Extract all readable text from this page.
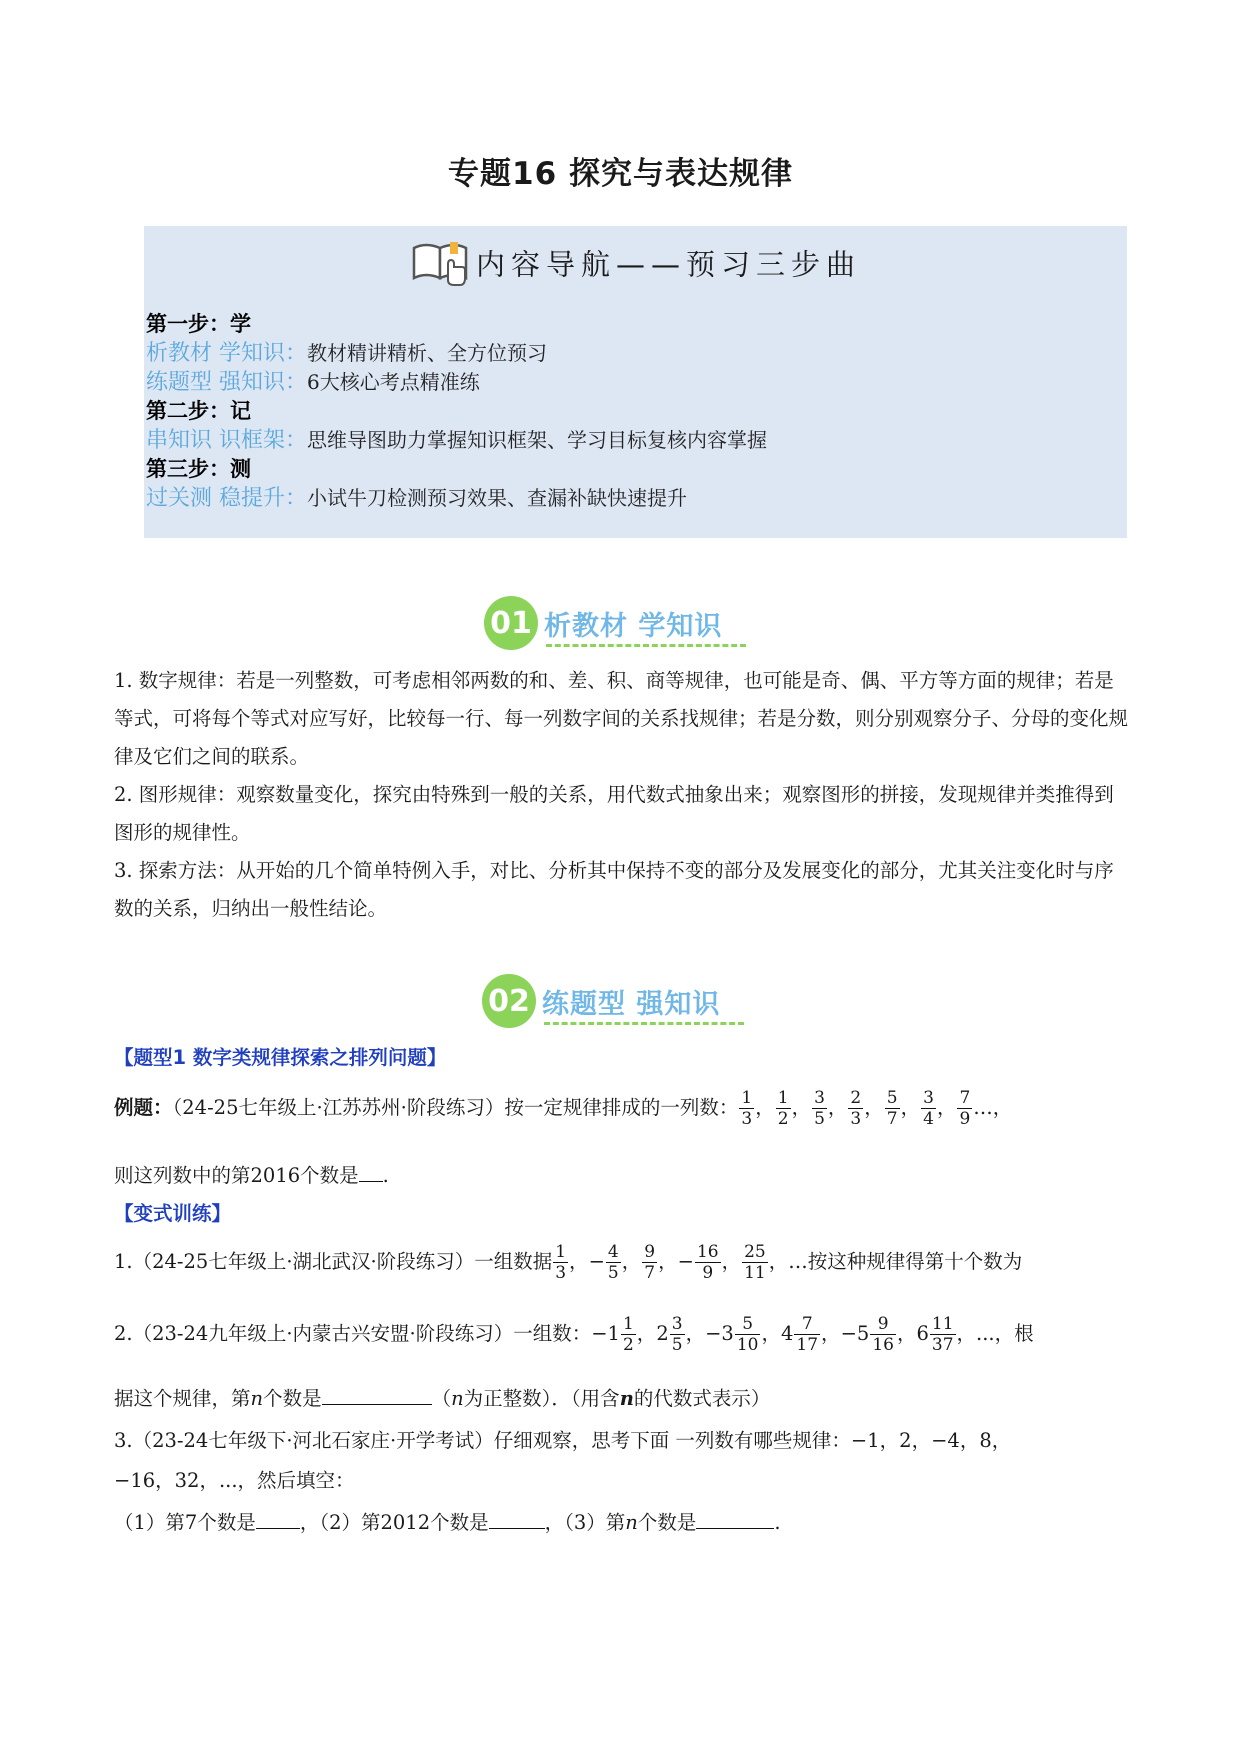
专题16 探究与表达规律
内容导航——预习三步曲
第一步：学
析教材 学知识：教材精讲精析、全方位预习
练题型 强知识：6大核心考点精准练
第二步：记
串知识 识框架：思维导图助力掌握知识框架、学习目标复核内容掌握
第三步：测
过关测 稳提升：小试牛刀检测预习效果、查漏补缺快速提升
01 析教材 学知识
1. 数字规律：若是一列整数，可考虑相邻两数的和、差、积、商等规律，也可能是奇、偶、平方等方面的规律；若是等式，可将每个等式对应写好，比较每一行、每一列数字间的关系找规律；若是分数，则分别观察分子、分母的变化规律及它们之间的联系。
2. 图形规律：观察数量变化，探究由特殊到一般的关系，用代数式抽象出来；观察图形的拼接，发现规律并类推得到图形的规律性。
3. 探索方法：从开始的几个简单特例入手，对比、分析其中保持不变的部分及发展变化的部分，尤其关注变化时与序数的关系，归纳出一般性结论。
02 练题型 强知识
【题型1 数字类规律探索之排列问题】
例题：（24-25七年级上·江苏苏州·阶段练习）按一定规律排成的一列数： $\frac{1}{3}$ ， $\frac{1}{2}$ ， $\frac{3}{5}$ ， $\frac{2}{3}$ ， $\frac{5}{7}$ ， $\frac{3}{4}$ ， $\frac{7}{9}$ …，
则这列数中的第2016个数是 .
【变式训练】
1.（24-25七年级上·湖北武汉·阶段练习）一组数据 $\frac{1}{3}$ ，− $\frac{4}{5}$ ， $\frac{9}{7}$ ，− $\frac{16}{9}$ ， $\frac{25}{11}$ ，…按这种规律得第十个数为
2.（23-24九年级上·内蒙古兴安盟·阶段练习）一组数：$-1 \frac{1}{2}$ ，$2 \frac{3}{5}$ ，$-3 \frac{5}{10}$ ，$4 \frac{7}{17}$ ，$-5 \frac{9}{16}$ ，$6 \frac{11}{37}$ ，...，根
据这个规律，第n个数是	（n为正整数）．（用含n的代数式表示）
3.（23-24七年级下·河北石家庄·开学考试）仔细观察，思考下面 一列数有哪些规律：−1，2，−4，8，
−16，32，...，然后填空：
（1）第7个数是 ，（2）第2012个数是	，（3）第n个数是	.
